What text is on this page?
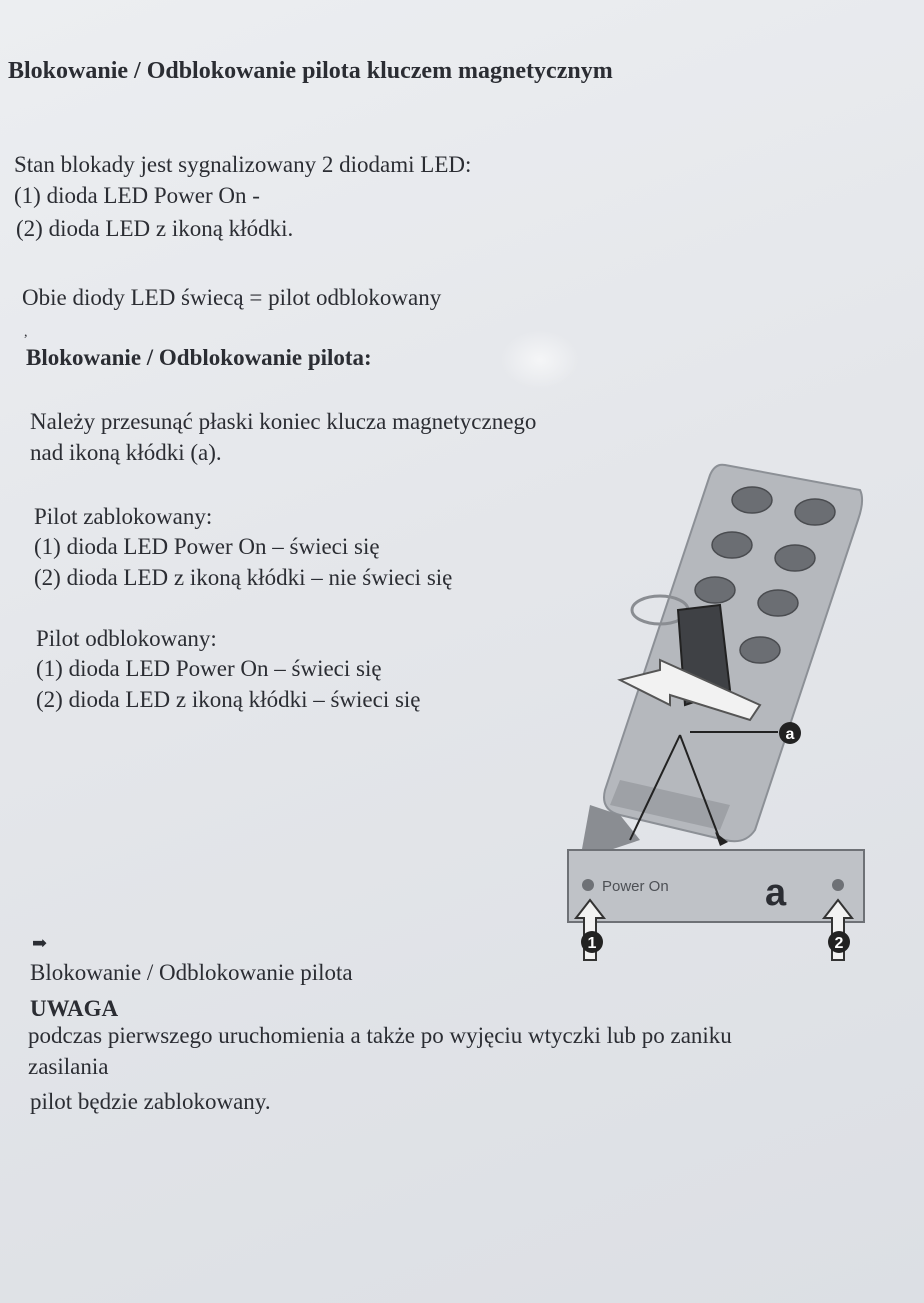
Blokowanie / Odblokowanie pilota kluczem magnetycznym
Stan blokady jest sygnalizowany 2 diodami LED:
(1) dioda LED Power On -
(2) dioda LED z ikoną kłódki.
Obie diody LED świecą = pilot odblokowany
,
Blokowanie / Odblokowanie pilota:
Należy przesunąć płaski koniec klucza magnetycznego
nad ikoną kłódki (a).
Pilot zablokowany:
(1) dioda LED Power On – świeci się
(2) dioda LED z ikoną kłódki – nie świeci się
Pilot odblokowany:
(1) dioda LED Power On – świeci się
(2) dioda LED z ikoną kłódki – świeci się
a
Power On	a
1	2
➡
Blokowanie / Odblokowanie pilota
UWAGA
podczas pierwszego uruchomienia a także po wyjęciu wtyczki lub po zaniku
zasilania
pilot będzie zablokowany.
